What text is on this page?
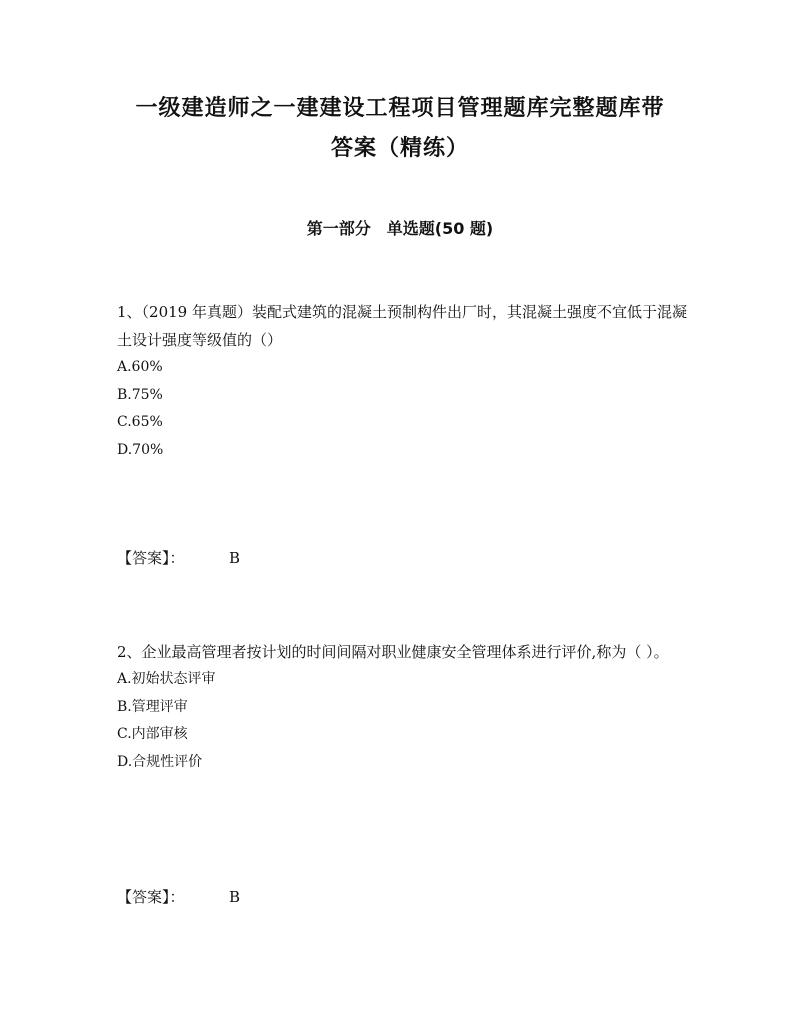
一级建造师之一建建设工程项目管理题库完整题库带
答案（精练）
第一部分　单选题(50 题)

1、（2019 年真题）装配式建筑的混凝土预制构件出厂时，其混凝土强度不宜低于混凝土设计强度等级值的（）

A.60%

B.75%

C.65%

D.70%

【答案】：	B

2、企业最高管理者按计划的时间间隔对职业健康安全管理体系进行评价,称为（ ）。

A.初始状态评审

B.管理评审

C.内部审核

D.合规性评价

【答案】：	B
